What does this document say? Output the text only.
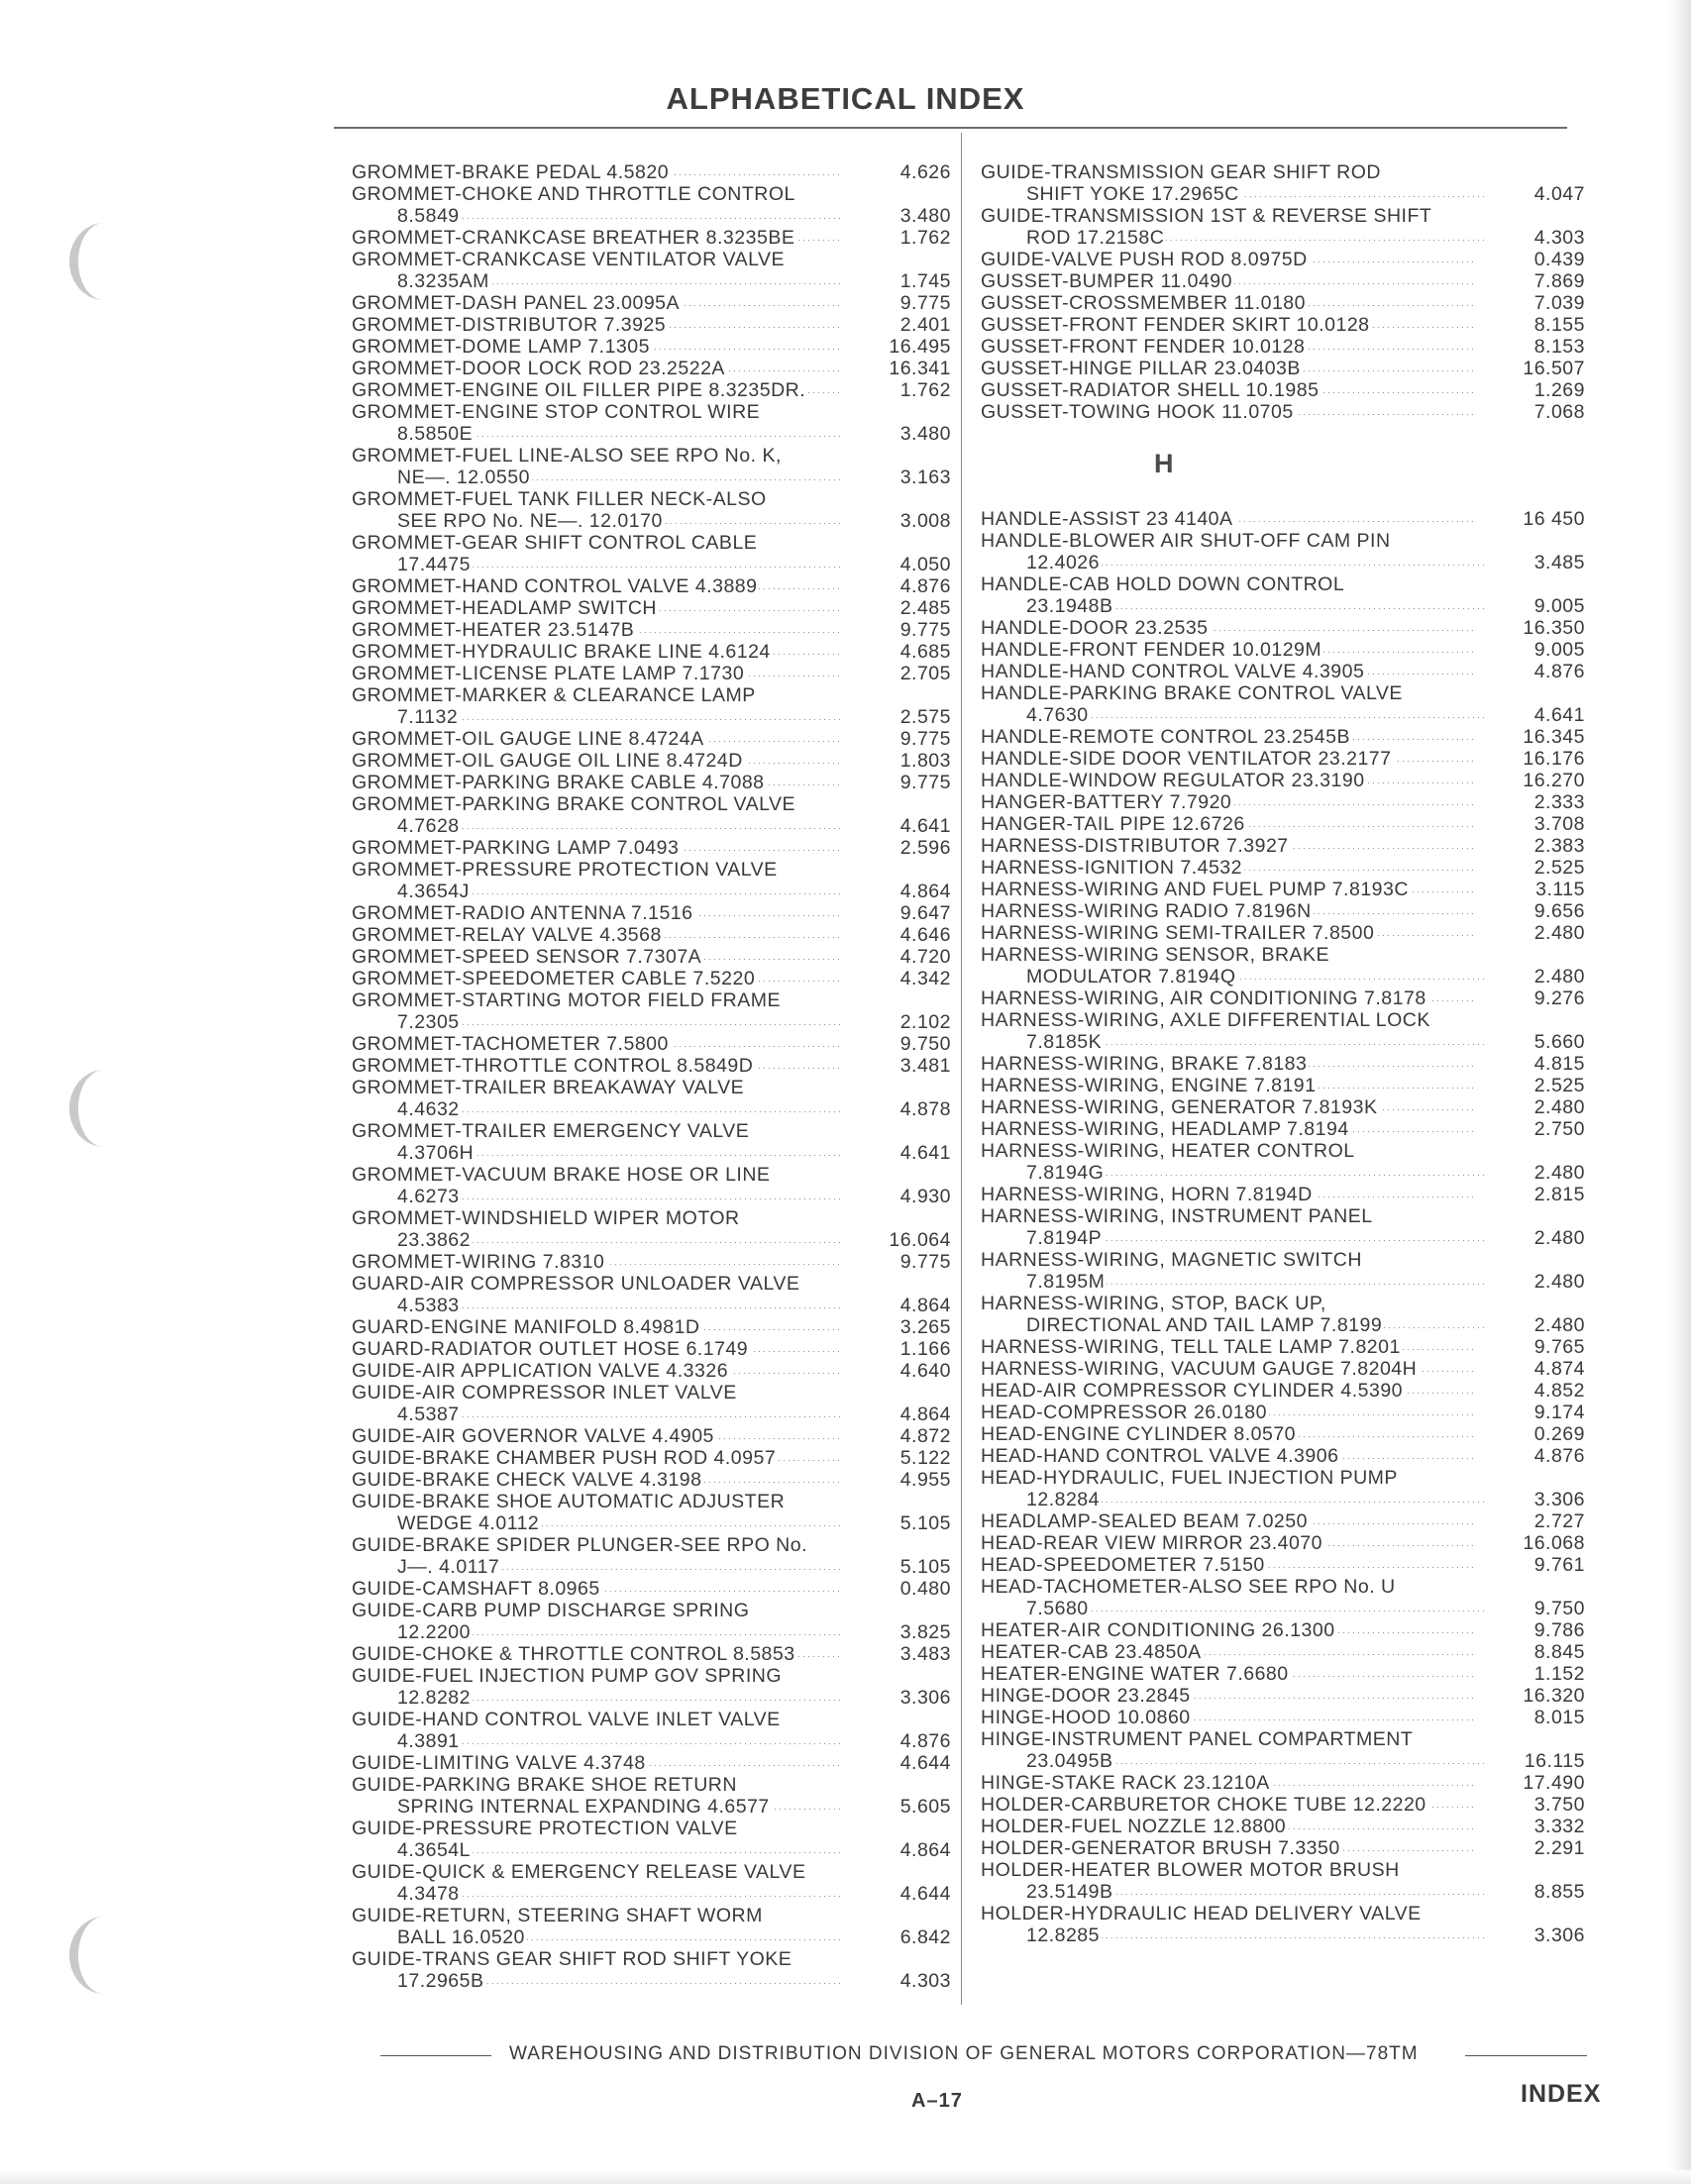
ALPHABETICAL INDEX
GROMMET-BRAKE PEDAL 4.5820 . . .	4.626
GROMMET-CHOKE AND THROTTLE CONTROL
8.5849 . . .	3.480
GROMMET-CRANKCASE BREATHER 8.3235BE . . .	1.762
GROMMET-CRANKCASE VENTILATOR VALVE
8.3235AM . . .	1.745
GROMMET-DASH PANEL 23.0095A . . .	9.775
GROMMET-DISTRIBUTOR 7.3925 . . .	2.401
GROMMET-DOME LAMP 7.1305 . . .	16.495
GROMMET-DOOR LOCK ROD 23.2522A . . .	16.341
GROMMET-ENGINE OIL FILLER PIPE 8.3235DR. . . .	1.762
GROMMET-ENGINE STOP CONTROL WIRE
8.5850E . . .	3.480
GROMMET-FUEL LINE-ALSO SEE RPO No. K,
NE—. 12.0550 . . .	3.163
GROMMET-FUEL TANK FILLER NECK-ALSO
SEE RPO No. NE—. 12.0170 . . .	3.008
GROMMET-GEAR SHIFT CONTROL CABLE
17.4475 . . .	4.050
GROMMET-HAND CONTROL VALVE 4.3889 . . .	4.876
GROMMET-HEADLAMP SWITCH . . .	2.485
GROMMET-HEATER 23.5147B . . .	9.775
GROMMET-HYDRAULIC BRAKE LINE 4.6124 . . .	4.685
GROMMET-LICENSE PLATE LAMP 7.1730 . . .	2.705
GROMMET-MARKER & CLEARANCE LAMP
7.1132 . . .	2.575
GROMMET-OIL GAUGE LINE 8.4724A . . .	9.775
GROMMET-OIL GAUGE OIL LINE 8.4724D . . .	1.803
GROMMET-PARKING BRAKE CABLE 4.7088 . . .	9.775
GROMMET-PARKING BRAKE CONTROL VALVE
4.7628 . . .	4.641
GROMMET-PARKING LAMP 7.0493 . . .	2.596
GROMMET-PRESSURE PROTECTION VALVE
4.3654J . . .	4.864
GROMMET-RADIO ANTENNA 7.1516 . . .	9.647
GROMMET-RELAY VALVE 4.3568 . . .	4.646
GROMMET-SPEED SENSOR 7.7307A . . .	4.720
GROMMET-SPEEDOMETER CABLE 7.5220 . . .	4.342
GROMMET-STARTING MOTOR FIELD FRAME
7.2305 . . .	2.102
GROMMET-TACHOMETER 7.5800 . . .	9.750
GROMMET-THROTTLE CONTROL 8.5849D . . .	3.481
GROMMET-TRAILER BREAKAWAY VALVE
4.4632 . . .	4.878
GROMMET-TRAILER EMERGENCY VALVE
4.3706H . . .	4.641
GROMMET-VACUUM BRAKE HOSE OR LINE
4.6273 . . .	4.930
GROMMET-WINDSHIELD WIPER MOTOR
23.3862 . . .	16.064
GROMMET-WIRING 7.8310 . . .	9.775
GUARD-AIR COMPRESSOR UNLOADER VALVE
4.5383 . . .	4.864
GUARD-ENGINE MANIFOLD 8.4981D . . .	3.265
GUARD-RADIATOR OUTLET HOSE 6.1749 . . .	1.166
GUIDE-AIR APPLICATION VALVE 4.3326 . . .	4.640
GUIDE-AIR COMPRESSOR INLET VALVE
4.5387 . . .	4.864
GUIDE-AIR GOVERNOR VALVE 4.4905 . . .	4.872
GUIDE-BRAKE CHAMBER PUSH ROD 4.0957 . . .	5.122
GUIDE-BRAKE CHECK VALVE 4.3198 . . .	4.955
GUIDE-BRAKE SHOE AUTOMATIC ADJUSTER
WEDGE 4.0112 . . .	5.105
GUIDE-BRAKE SPIDER PLUNGER-SEE RPO No.
J—. 4.0117 . . .	5.105
GUIDE-CAMSHAFT 8.0965 . . .	0.480
GUIDE-CARB PUMP DISCHARGE SPRING
12.2200 . . .	3.825
GUIDE-CHOKE & THROTTLE CONTROL 8.5853 . . .	3.483
GUIDE-FUEL INJECTION PUMP GOV SPRING
12.8282 . . .	3.306
GUIDE-HAND CONTROL VALVE INLET VALVE
4.3891 . . .	4.876
GUIDE-LIMITING VALVE 4.3748 . . .	4.644
GUIDE-PARKING BRAKE SHOE RETURN
SPRING INTERNAL EXPANDING 4.6577 . . .	5.605
GUIDE-PRESSURE PROTECTION VALVE
4.3654L . . .	4.864
GUIDE-QUICK & EMERGENCY RELEASE VALVE
4.3478 . . .	4.644
GUIDE-RETURN, STEERING SHAFT WORM
BALL 16.0520 . . .	6.842
GUIDE-TRANS GEAR SHIFT ROD SHIFT YOKE
17.2965B . . .	4.303
GUIDE-TRANSMISSION GEAR SHIFT ROD
SHIFT YOKE 17.2965C . . .	4.047
GUIDE-TRANSMISSION 1ST & REVERSE SHIFT
ROD 17.2158C . . .	4.303
GUIDE-VALVE PUSH ROD 8.0975D . . .	0.439
GUSSET-BUMPER 11.0490 . . .	7.869
GUSSET-CROSSMEMBER 11.0180 . . .	7.039
GUSSET-FRONT FENDER SKIRT 10.0128 . . .	8.155
GUSSET-FRONT FENDER 10.0128 . . .	8.153
GUSSET-HINGE PILLAR 23.0403B . . .	16.507
GUSSET-RADIATOR SHELL 10.1985 . . .	1.269
GUSSET-TOWING HOOK 11.0705 . . .	7.068
H
HANDLE-ASSIST 23 4140A . . .	16 450
HANDLE-BLOWER AIR SHUT-OFF CAM PIN
12.4026 . . .	3.485
HANDLE-CAB HOLD DOWN CONTROL
23.1948B . . .	9.005
HANDLE-DOOR 23.2535 . . .	16.350
HANDLE-FRONT FENDER 10.0129M . . .	9.005
HANDLE-HAND CONTROL VALVE 4.3905 . . .	4.876
HANDLE-PARKING BRAKE CONTROL VALVE
4.7630 . . .	4.641
HANDLE-REMOTE CONTROL 23.2545B . . .	16.345
HANDLE-SIDE DOOR VENTILATOR 23.2177 . . .	16.176
HANDLE-WINDOW REGULATOR 23.3190 . . .	16.270
HANGER-BATTERY 7.7920 . . .	2.333
HANGER-TAIL PIPE 12.6726 . . .	3.708
HARNESS-DISTRIBUTOR 7.3927 . . .	2.383
HARNESS-IGNITION 7.4532 . . .	2.525
HARNESS-WIRING AND FUEL PUMP 7.8193C . . .	3.115
HARNESS-WIRING RADIO 7.8196N . . .	9.656
HARNESS-WIRING SEMI-TRAILER 7.8500 . . .	2.480
HARNESS-WIRING SENSOR, BRAKE
MODULATOR 7.8194Q . . .	2.480
HARNESS-WIRING, AIR CONDITIONING 7.8178 . . .	9.276
HARNESS-WIRING, AXLE DIFFERENTIAL LOCK
7.8185K . . .	5.660
HARNESS-WIRING, BRAKE 7.8183 . . .	4.815
HARNESS-WIRING, ENGINE 7.8191 . . .	2.525
HARNESS-WIRING, GENERATOR 7.8193K . . .	2.480
HARNESS-WIRING, HEADLAMP 7.8194 . . .	2.750
HARNESS-WIRING, HEATER CONTROL
7.8194G . . .	2.480
HARNESS-WIRING, HORN 7.8194D . . .	2.815
HARNESS-WIRING, INSTRUMENT PANEL
7.8194P . . .	2.480
HARNESS-WIRING, MAGNETIC SWITCH
7.8195M . . .	2.480
HARNESS-WIRING, STOP, BACK UP,
DIRECTIONAL AND TAIL LAMP 7.8199 . . .	2.480
HARNESS-WIRING, TELL TALE LAMP 7.8201 . . .	9.765
HARNESS-WIRING, VACUUM GAUGE 7.8204H . . .	4.874
HEAD-AIR COMPRESSOR CYLINDER 4.5390 . . .	4.852
HEAD-COMPRESSOR 26.0180 . . .	9.174
HEAD-ENGINE CYLINDER 8.0570 . . .	0.269
HEAD-HAND CONTROL VALVE 4.3906 . . .	4.876
HEAD-HYDRAULIC, FUEL INJECTION PUMP
12.8284 . . .	3.306
HEADLAMP-SEALED BEAM 7.0250 . . .	2.727
HEAD-REAR VIEW MIRROR 23.4070 . . .	16.068
HEAD-SPEEDOMETER 7.5150 . . .	9.761
HEAD-TACHOMETER-ALSO SEE RPO No. U
7.5680 . . .	9.750
HEATER-AIR CONDITIONING 26.1300 . . .	9.786
HEATER-CAB 23.4850A . . .	8.845
HEATER-ENGINE WATER 7.6680 . . .	1.152
HINGE-DOOR 23.2845 . . .	16.320
HINGE-HOOD 10.0860 . . .	8.015
HINGE-INSTRUMENT PANEL COMPARTMENT
23.0495B . . .	16.115
HINGE-STAKE RACK 23.1210A . . .	17.490
HOLDER-CARBURETOR CHOKE TUBE 12.2220 . . .	3.750
HOLDER-FUEL NOZZLE 12.8800 . . .	3.332
HOLDER-GENERATOR BRUSH 7.3350 . . .	2.291
HOLDER-HEATER BLOWER MOTOR BRUSH
23.5149B . . .	8.855
HOLDER-HYDRAULIC HEAD DELIVERY VALVE
12.8285 . . .	3.306
WAREHOUSING AND DISTRIBUTION DIVISION OF GENERAL MOTORS CORPORATION—78TM
A–17	INDEX
